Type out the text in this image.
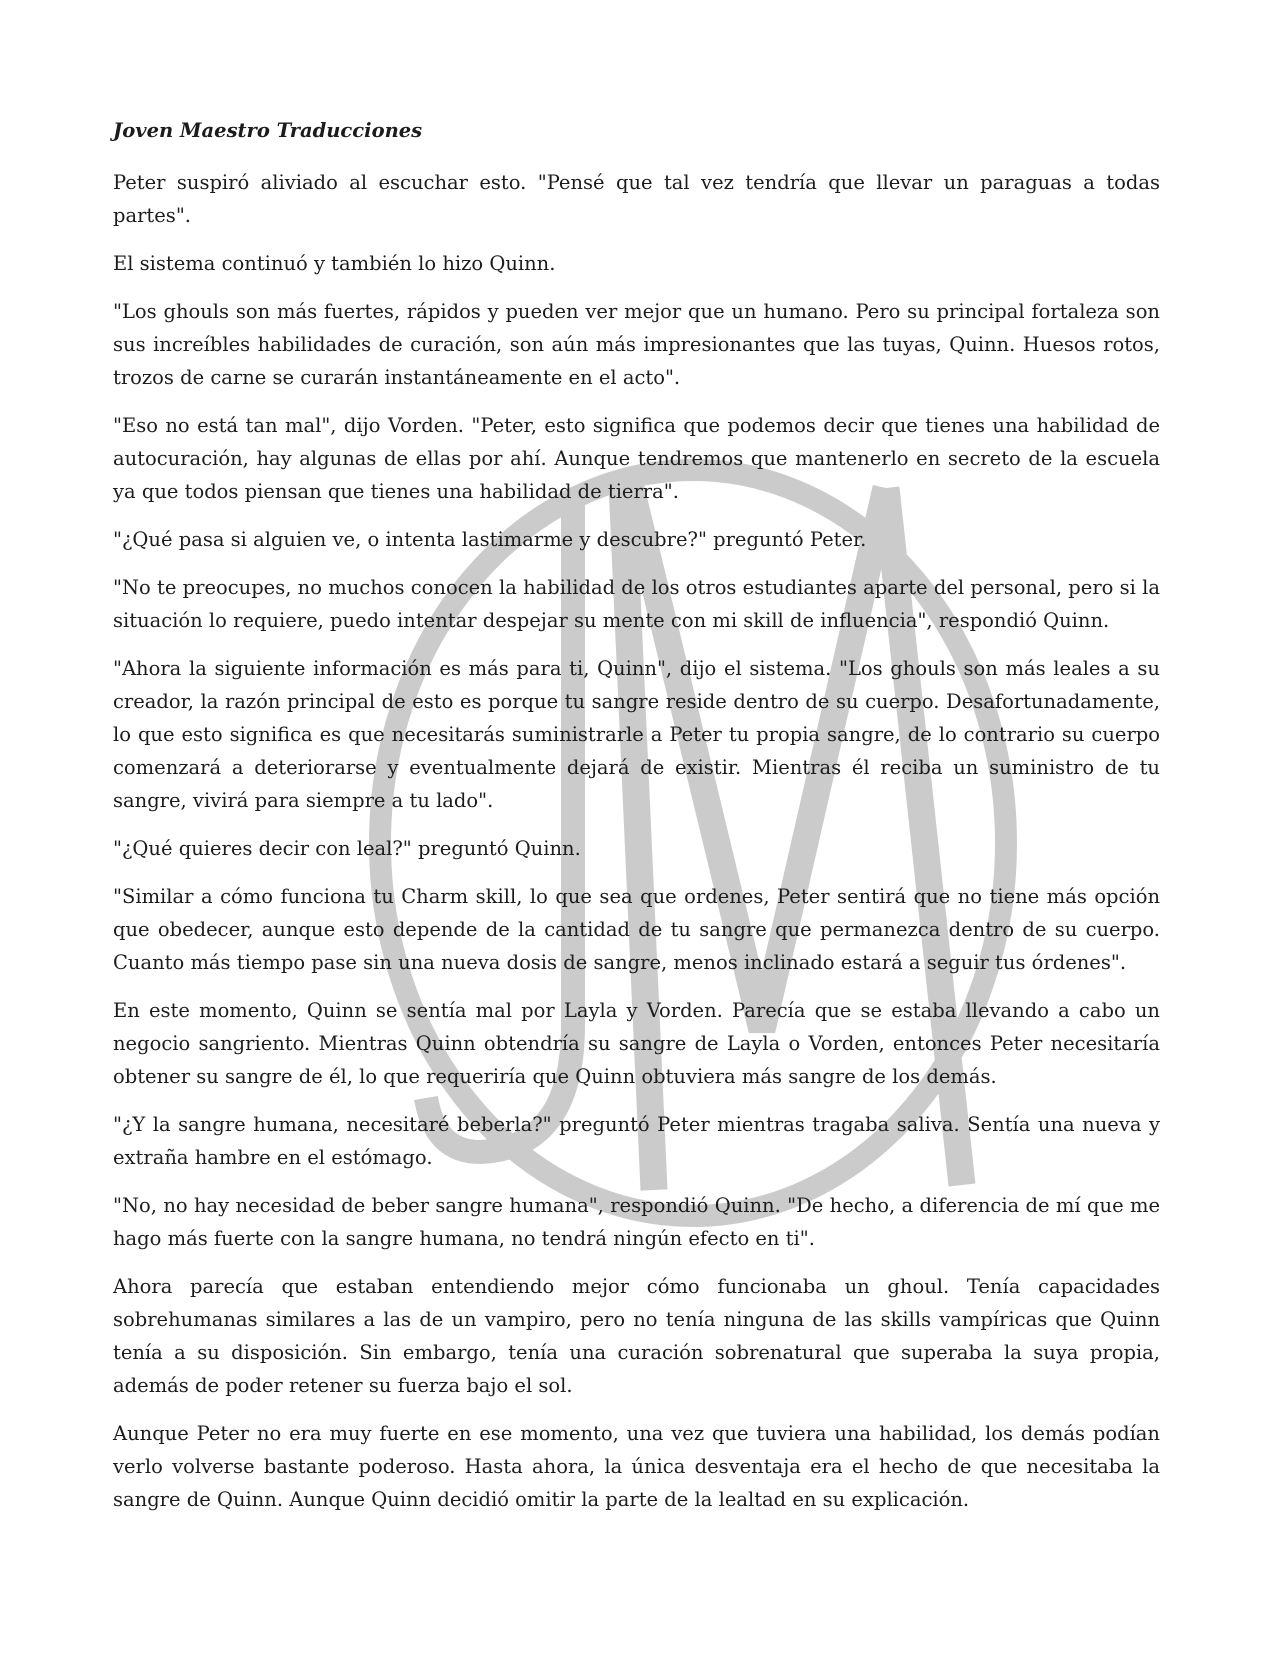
Joven Maestro Traducciones

Peter suspiró aliviado al escuchar esto. "Pensé que tal vez tendría que llevar un paraguas a todas partes".

El sistema continuó y también lo hizo Quinn.

"Los ghouls son más fuertes, rápidos y pueden ver mejor que un humano. Pero su principal fortaleza son sus increíbles habilidades de curación, son aún más impresionantes que las tuyas, Quinn. Huesos rotos, trozos de carne se curarán instantáneamente en el acto".

"Eso no está tan mal", dijo Vorden. "Peter, esto significa que podemos decir que tienes una habilidad de autocuración, hay algunas de ellas por ahí. Aunque tendremos que mantenerlo en secreto de la escuela ya que todos piensan que tienes una habilidad de tierra".

"¿Qué pasa si alguien ve, o intenta lastimarme y descubre?" preguntó Peter.

"No te preocupes, no muchos conocen la habilidad de los otros estudiantes aparte del personal, pero si la situación lo requiere, puedo intentar despejar su mente con mi skill de influencia", respondió Quinn.

"Ahora la siguiente información es más para ti, Quinn", dijo el sistema. "Los ghouls son más leales a su creador, la razón principal de esto es porque tu sangre reside dentro de su cuerpo. Desafortunadamente, lo que esto significa es que necesitarás suministrarle a Peter tu propia sangre, de lo contrario su cuerpo comenzará a deteriorarse y eventualmente dejará de existir. Mientras él reciba un suministro de tu sangre, vivirá para siempre a tu lado".

"¿Qué quieres decir con leal?" preguntó Quinn.

"Similar a cómo funciona tu Charm skill, lo que sea que ordenes, Peter sentirá que no tiene más opción que obedecer, aunque esto depende de la cantidad de tu sangre que permanezca dentro de su cuerpo. Cuanto más tiempo pase sin una nueva dosis de sangre, menos inclinado estará a seguir tus órdenes".

En este momento, Quinn se sentía mal por Layla y Vorden. Parecía que se estaba llevando a cabo un negocio sangriento. Mientras Quinn obtendría su sangre de Layla o Vorden, entonces Peter necesitaría obtener su sangre de él, lo que requeriría que Quinn obtuviera más sangre de los demás.

"¿Y la sangre humana, necesitaré beberla?" preguntó Peter mientras tragaba saliva. Sentía una nueva y extraña hambre en el estómago.

"No, no hay necesidad de beber sangre humana", respondió Quinn. "De hecho, a diferencia de mí que me hago más fuerte con la sangre humana, no tendrá ningún efecto en ti".

Ahora parecía que estaban entendiendo mejor cómo funcionaba un ghoul. Tenía capacidades sobrehumanas similares a las de un vampiro, pero no tenía ninguna de las skills vampíricas que Quinn tenía a su disposición. Sin embargo, tenía una curación sobrenatural que superaba la suya propia, además de poder retener su fuerza bajo el sol.

Aunque Peter no era muy fuerte en ese momento, una vez que tuviera una habilidad, los demás podían verlo volverse bastante poderoso. Hasta ahora, la única desventaja era el hecho de que necesitaba la sangre de Quinn. Aunque Quinn decidió omitir la parte de la lealtad en su explicación.
